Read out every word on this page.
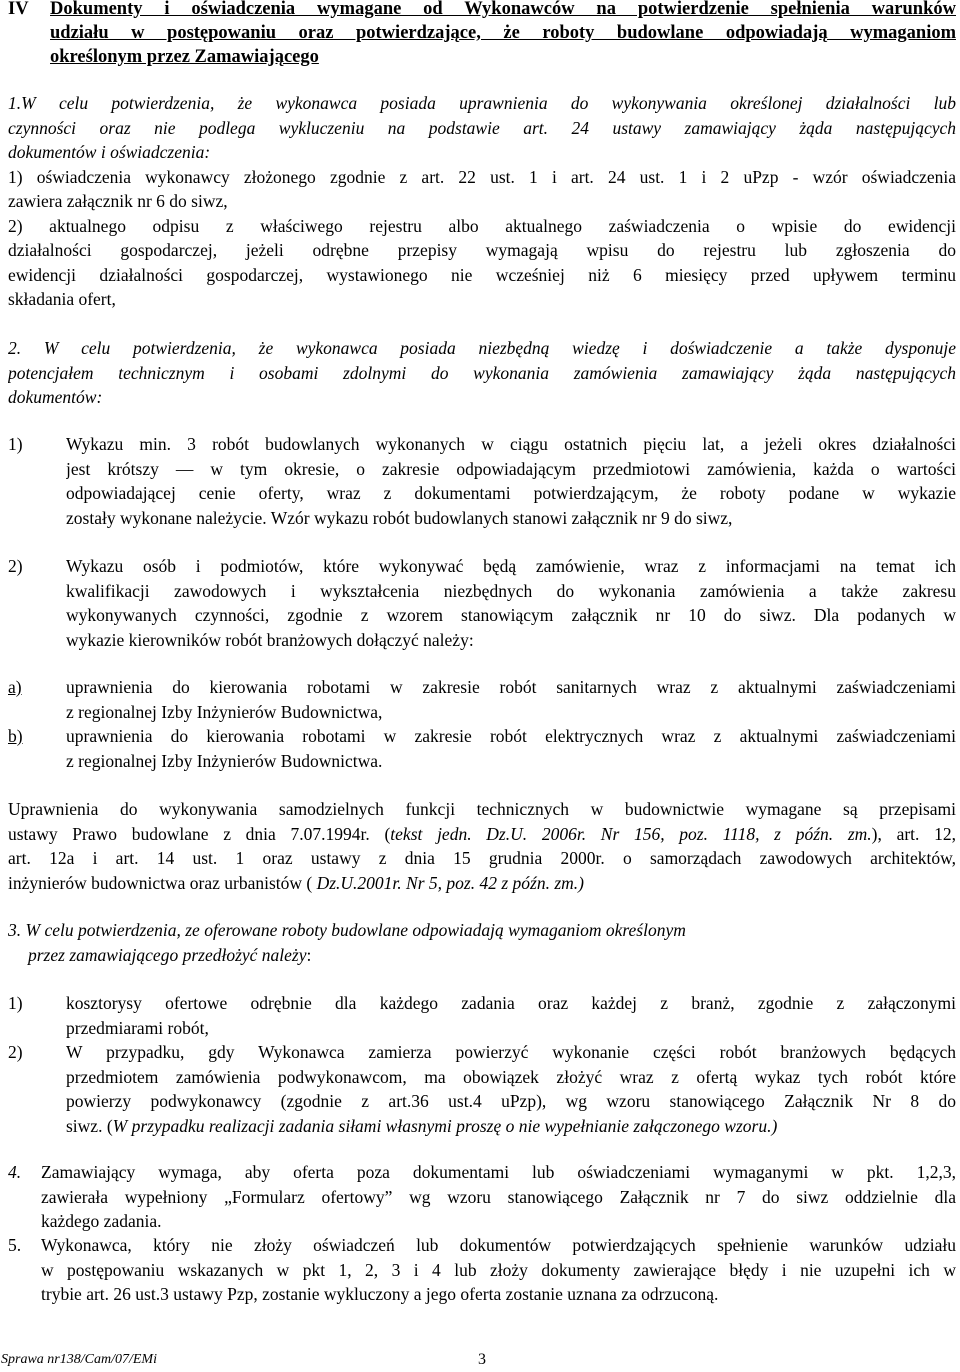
IV Dokumenty i oświadczenia wymagane od Wykonawców na potwierdzenie spełnienia warunków
udziału w postępowaniu oraz potwierdzające, że roboty budowlane odpowiadają wymaganiom
określonym przez Zamawiającego
1.W celu potwierdzenia, że wykonawca posiada uprawnienia do wykonywania określonej działalności lub
czynności oraz nie podlega wykluczeniu na podstawie art. 24 ustawy zamawiający żąda następujących
dokumentów i oświadczenia:
1) oświadczenia wykonawcy złożonego zgodnie z art. 22 ust. 1 i art. 24 ust. 1 i 2 uPzp - wzór oświadczenia
zawiera załącznik nr 6 do siwz,
2) aktualnego odpisu z właściwego rejestru albo aktualnego zaświadczenia o wpisie do ewidencji
działalności gospodarczej, jeżeli odrębne przepisy wymagają wpisu do rejestru lub zgłoszenia do
ewidencji działalności gospodarczej, wystawionego nie wcześniej niż 6 miesięcy przed upływem terminu
składania ofert,
2. W celu potwierdzenia, że wykonawca posiada niezbędną wiedzę i doświadczenie a także dysponuje
potencjałem technicznym i osobami zdolnymi do wykonania zamówienia zamawiający żąda następujących
dokumentów:
1) Wykazu min. 3 robót budowlanych wykonanych w ciągu ostatnich pięciu lat, a jeżeli okres działalności
jest krótszy — w tym okresie, o zakresie odpowiadającym przedmiotowi zamówienia, każda o wartości
odpowiadającej cenie oferty, wraz z dokumentami potwierdzającym, że roboty podane w wykazie
zostały wykonane należycie. Wzór wykazu robót budowlanych stanowi załącznik nr 9 do siwz,
2) Wykazu osób i podmiotów, które wykonywać będą zamówienie, wraz z informacjami na temat ich
kwalifikacji zawodowych i wykształcenia niezbędnych do wykonania zamówienia a także zakresu
wykonywanych czynności, zgodnie z wzorem stanowiącym załącznik nr 10 do siwz. Dla podanych w
wykazie kierowników robót branżowych dołączyć należy:
a)	uprawnienia do kierowania robotami w zakresie robót sanitarnych wraz z aktualnymi zaświadczeniami
z regionalnej Izby Inżynierów Budownictwa,
b) uprawnienia do kierowania robotami w zakresie robót elektrycznych wraz z aktualnymi zaświadczeniami
z regionalnej Izby Inżynierów Budownictwa.
Uprawnienia do wykonywania samodzielnych funkcji technicznych w budownictwie wymagane są przepisami
ustawy Prawo budowlane z dnia 7.07.1994r. (tekst jedn. Dz.U. 2006r. Nr 156, poz. 1118, z późn. zm.), art. 12,
art. 12a i art. 14 ust. 1 oraz ustawy z dnia 15 grudnia 2000r. o samorządach zawodowych architektów,
inżynierów budownictwa oraz urbanistów ( Dz.U.2001r. Nr 5, poz. 42 z późn. zm.)
3. W celu potwierdzenia, ze oferowane roboty budowlane odpowiadają wymaganiom określonym
przez zamawiającego przedłożyć należy:
1) kosztorysy ofertowe odrębnie dla każdego zadania oraz każdej z branż, zgodnie z załączonymi
przedmiarami robót,
2) W przypadku, gdy Wykonawca zamierza powierzyć wykonanie części robót branżowych będących
przedmiotem zamówienia podwykonawcom, ma obowiązek złożyć wraz z ofertą wykaz tych robót które
powierzy podwykonawcy (zgodnie z art.36 ust.4 uPzp), wg wzoru stanowiącego Załącznik Nr 8 do
siwz. (W przypadku realizacji zadania siłami własnymi proszę o nie wypełnianie załączonego wzoru.)
4. Zamawiający wymaga, aby oferta poza dokumentami lub oświadczeniami wymaganymi w pkt. 1,2,3,
zawierała wypełniony „Formularz ofertowy” wg wzoru stanowiącego Załącznik nr 7 do siwz oddzielnie dla
każdego zadania.
5. Wykonawca, który nie złoży oświadczeń lub dokumentów potwierdzających spełnienie warunków udziału
w postępowaniu wskazanych w pkt 1, 2, 3 i 4 lub złoży dokumenty zawierające błędy i nie uzupełni ich w
trybie art. 26 ust.3 ustawy Pzp, zostanie wykluczony a jego oferta zostanie uznana za odrzuconą.
Sprawa nr138/Cam/07/EMi	3
